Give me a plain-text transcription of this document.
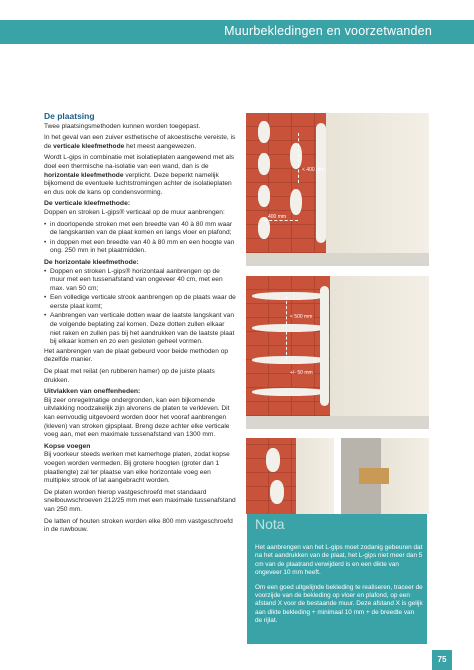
Muurbekledingen en voorzetwanden
De plaatsing

Twee plaatsingsmethoden kunnen worden toegepast.

In het geval van een zuiver esthetische of akoestische vereiste, is de verticale kleefmethode het meest aangewezen.

Wordt L-gips in combinatie met isolatieplaten aangewend met als doel een thermische na-isolatie van een wand, dan is de horizontale kleefmethode verplicht. Deze beperkt namelijk bijkomend de eventuele luchtstromingen achter de isolatieplaten en dus ook de kans op condensvorming.

De verticale kleefmethode:

Doppen en stroken L-gips® verticaal op de muur aanbrengen:

• in doorlopende stroken met een breedte van 40 à 80 mm waar de langskanten van de plaat komen en langs vloer en plafond;
• in doppen met een breedte van 40 à 80 mm en een hoogte van ong. 250 mm in het plaatmidden.
De horizontale kleefmethode:
• Doppen en stroken L-gips® horizontaal aanbrengen op de muur met een tussenafstand van ongeveer 40 cm, met een max. van 50 cm;
• Een volledige verticale strook aanbrengen op de plaats waar de eerste plaat komt;
• Aanbrengen van verticale dotten waar de laatste langskant van de volgende beplating zal komen. Deze dotten zullen elkaar niet raken en zullen pas bij het aandrukken van de laatste plaat bij elkaar komen en zo een gesloten geheel vormen.

Het aanbrengen van de plaat gebeurd voor beide methoden op dezelfde manier.

De plaat met reilat (en rubberen hamer) op de juiste plaats drukken.

Uitvlakken van oneffenheden:

Bij zeer onregelmatige ondergronden, kan een bijkomende uitvlakking noodzakelijk zijn alvorens de platen te verkleven. Dit kan eenvoudig uitgevoerd worden door het vooraf aanbrengen (kleven) van stroken gipsplaat. Breng deze achter elke verticale voeg aan, met een maximale tussenafstand van 1300 mm.

Kopse voegen

Bij voorkeur steeds werken met kamerhoge platen, zodat kopse voegen worden vermeden. Bij grotere hoogten (groter dan 1 plaatlengte) zal ter plaatse van elke horizontale voeg een multiplex strook of lat aangebracht worden.

De platen worden hierop vastgeschroefd met standaard snelbouwschroeven 212/25 mm met een maximale tussenafstand van 250 mm.

De latten of houten stroken worden elke 800 mm vastgeschroefd in de ruwbouw.

< 400 mm
400 mm
< 500 mm
+/- 50 mm
Nota

Het aanbrengen van het L-gips moet zodanig gebeuren dat na het aandrukken van de plaat, het L-gips niet meer dan 5 cm van de plaatrand verwijderd is en een dikte van ongeveer 10 mm heeft.

Om een goed uitgelijnde bekleding te realiseren, traceer de voorzijde van de bekleding op vloer en plafond, op een afstand X voor de bestaande muur. Deze afstand X is gelijk aan dikte bekleding + minimaal 10 mm + de breedte van de rijlat.

75
